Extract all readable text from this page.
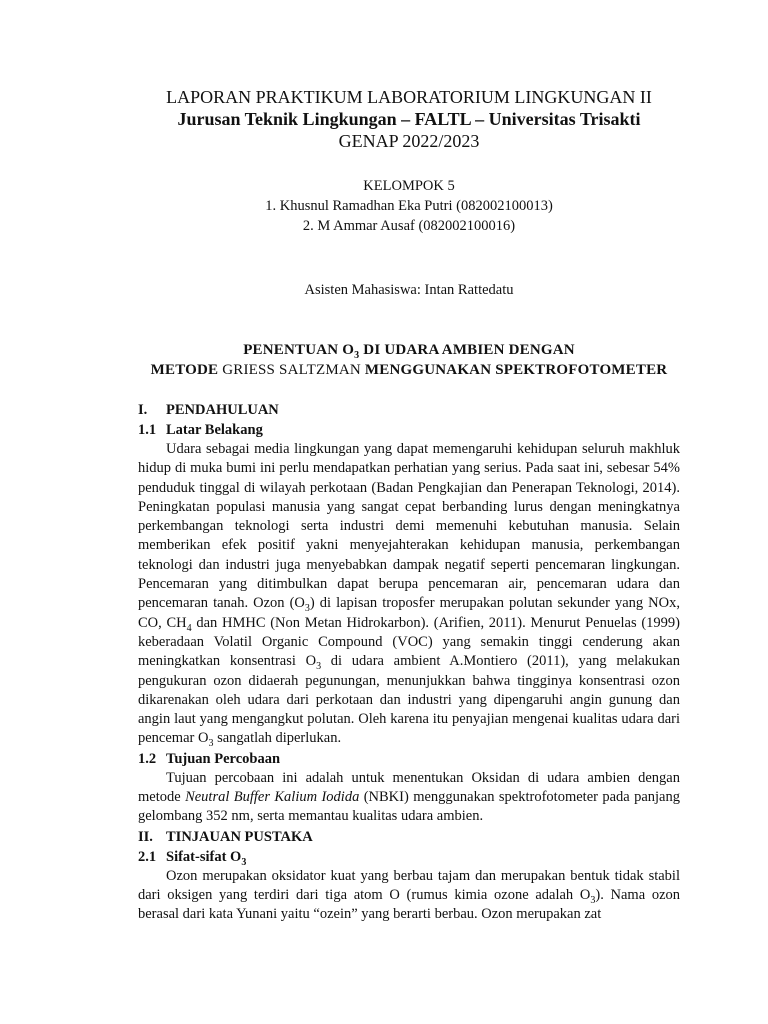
LAPORAN PRAKTIKUM LABORATORIUM LINGKUNGAN II
Jurusan Teknik Lingkungan – FALTL – Universitas Trisakti
GENAP 2022/2023
KELOMPOK 5
1. Khusnul Ramadhan Eka Putri (082002100013)
2. M Ammar Ausaf (082002100016)
Asisten Mahasiswa: Intan Rattedatu
PENENTUAN $O_3$ DI UDARA AMBIEN DENGAN
METODE GRIESS SALTZMAN MENGGUNAKAN SPEKTROFOTOMETER
I. PENDAHULUAN
1.1 Latar Belakang

Udara sebagai media lingkungan yang dapat memengaruhi kehidupan seluruh makhluk hidup di muka bumi ini perlu mendapatkan perhatian yang serius. Pada saat ini, sebesar 54% penduduk tinggal di wilayah perkotaan (Badan Pengkajian dan Penerapan Teknologi, 2014). Peningkatan populasi manusia yang sangat cepat berbanding lurus dengan meningkatnya perkembangan teknologi serta industri demi memenuhi kebutuhan manusia. Selain memberikan efek positif yakni menyejahterakan kehidupan manusia, perkembangan teknologi dan industri juga menyebabkan dampak negatif seperti pencemaran lingkungan. Pencemaran yang ditimbulkan dapat berupa pencemaran air, pencemaran udara dan pencemaran tanah. Ozon $(O_3)$ di lapisan troposfer merupakan polutan sekunder yang NOx, CO, $CH_4$ dan HMHC (Non Metan Hidrokarbon). (Arifien, 2011). Menurut Penuelas (1999) keberadaan Volatil Organic Compound (VOC) yang semakin tinggi cenderung akan meningkatkan konsentrasi $O_3$ di udara ambient A.Montiero (2011), yang melakukan pengukuran ozon didaerah pegunungan, menunjukkan bahwa tingginya konsentrasi ozon dikarenakan oleh udara dari perkotaan dan industri yang dipengaruhi angin gunung dan angin laut yang mengangkut polutan. Oleh karena itu penyajian mengenai kualitas udara dari pencemar $O_3$ sangatlah diperlukan.

1.2 Tujuan Percobaan

Tujuan percobaan ini adalah untuk menentukan Oksidan di udara ambien dengan metode Neutral Buffer Kalium Iodida (NBKI) menggunakan spektrofotometer pada panjang gelombang 352 nm, serta memantau kualitas udara ambien.

II. TINJAUAN PUSTAKA
2.1 Sifat-sifat $O_3$

Ozon merupakan oksidator kuat yang berbau tajam dan merupakan bentuk tidak stabil dari oksigen yang terdiri dari tiga atom O (rumus kimia ozone adalah $O_3$). Nama ozon berasal dari kata Yunani yaitu “ozein” yang berarti berbau. Ozon merupakan zat
